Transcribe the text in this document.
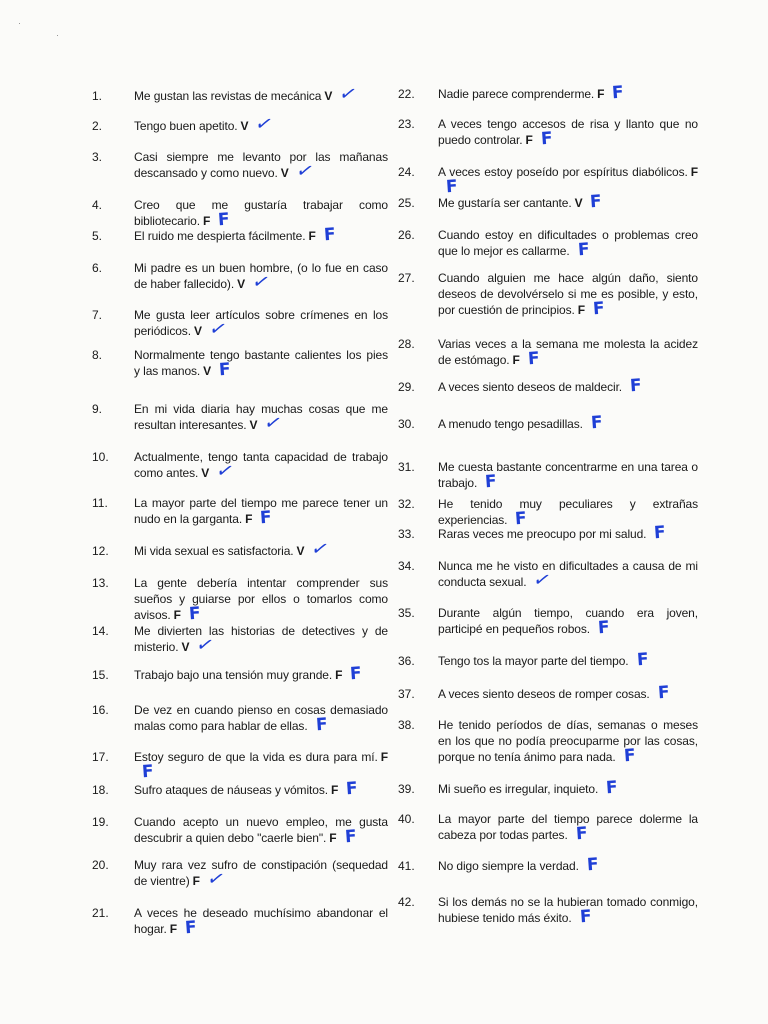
·
·
1.	Me gustan las revistas de mecánica V ✓
2.	Tengo buen apetito. V ✓
3.	Casi siempre me levanto por las mañanas descansado y como nuevo. V ✓
4.	Creo que me gustaría trabajar como bibliotecario. F F
5.	El ruido me despierta fácilmente. F F
6.	Mi padre es un buen hombre, (o lo fue en caso de haber fallecido). V ✓
7.	Me gusta leer artículos sobre crímenes en los periódicos. V ✓
8.	Normalmente tengo bastante calientes los pies y las manos. V F
9.	En mi vida diaria hay muchas cosas que me resultan interesantes. V ✓
10.	Actualmente, tengo tanta capacidad de trabajo como antes. V ✓
11.	La mayor parte del tiempo me parece tener un nudo en la garganta. F F
12.	Mi vida sexual es satisfactoria. V ✓
13.	La gente debería intentar comprender sus sueños y guiarse por ellos o tomarlos como avisos. F F
14.	Me divierten las historias de detectives y de misterio. V ✓
15.	Trabajo bajo una tensión muy grande. F F
16.	De vez en cuando pienso en cosas demasiado malas como para hablar de ellas. F
17.	Estoy seguro de que la vida es dura para mí. FF
18.	Sufro ataques de náuseas y vómitos. F F
19.	Cuando acepto un nuevo empleo, me gusta descubrir a quien debo "caerle bien". F F
20.	Muy rara vez sufro de constipación (sequedad de vientre) F ✓
21.	A veces he deseado muchísimo abandonar el hogar. F F
22.	Nadie parece comprenderme. F F
23.	A veces tengo accesos de risa y llanto que no puedo controlar. F F
24.	A veces estoy poseído por espíritus diabólicos. FF
25.	Me gustaría ser cantante. V F
26.	Cuando estoy en dificultades o problemas creo que lo mejor es callarme. F
27.	Cuando alguien me hace algún daño, siento deseos de devolvérselo si me es posible, y esto, por cuestión de principios. F F
28.	Varias veces a la semana me molesta la acidez de estómago. F F
29.	A veces siento deseos de maldecir. F
30.	A menudo tengo pesadillas. F
31.	Me cuesta bastante concentrarme en una tarea o trabajo. F
32.	He tenido muy peculiares y extrañas experiencias. F
33.	Raras veces me preocupo por mi salud. F
34.	Nunca me he visto en dificultades a causa de mi conducta sexual. ✓
35.	Durante algún tiempo, cuando era joven, participé en pequeños robos. F
36.	Tengo tos la mayor parte del tiempo. F
37.	A veces siento deseos de romper cosas. F
38.	He tenido períodos de días, semanas o meses en los que no podía preocuparme por las cosas, porque no tenía ánimo para nada. F
39.	Mi sueño es irregular, inquieto. F
40.	La mayor parte del tiempo parece dolerme la cabeza por todas partes. F
41.	No digo siempre la verdad. F
42.	Si los demás no se la hubieran tomado conmigo, hubiese tenido más éxito. F
